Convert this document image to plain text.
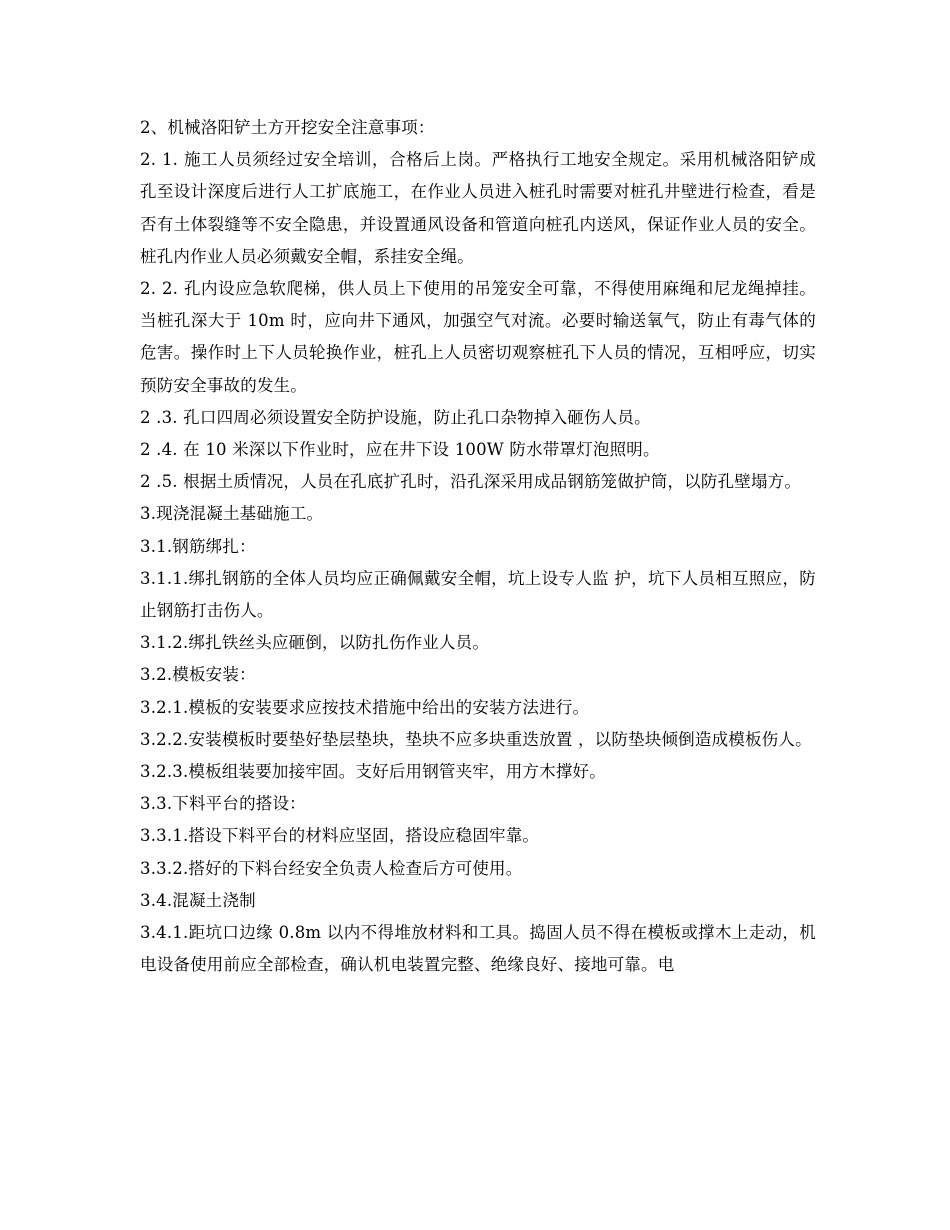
2、机械洛阳铲土方开挖安全注意事项：

2. 1. 施工人员须经过安全培训，合格后上岗。严格执行工地安全规定。采用机械洛阳铲成孔至设计深度后进行人工扩底施工，在作业人员进入桩孔时需要对桩孔井壁进行检查，看是否有土体裂缝等不安全隐患，并设置通风设备和管道向桩孔内送风，保证作业人员的安全。桩孔内作业人员必须戴安全帽，系挂安全绳。

2. 2. 孔内设应急软爬梯，供人员上下使用的吊笼安全可靠，不得使用麻绳和尼龙绳掉挂。当桩孔深大于 10m 时，应向井下通风，加强空气对流。必要时输送氧气，防止有毒气体的危害。操作时上下人员轮换作业，桩孔上人员密切观察桩孔下人员的情况，互相呼应，切实预防安全事故的发生。

2 .3. 孔口四周必须设置安全防护设施，防止孔口杂物掉入砸伤人员。

2 .4. 在 10 米深以下作业时，应在井下设 100W 防水带罩灯泡照明。

2 .5. 根据土质情况，人员在孔底扩孔时，沿孔深采用成品钢筋笼做护筒，以防孔壁塌方。

3.现浇混凝土基础施工。

3.1.钢筋绑扎：

3.1.1.绑扎钢筋的全体人员均应正确佩戴安全帽，坑上设专人监 护，坑下人员相互照应，防止钢筋打击伤人。

3.1.2.绑扎铁丝头应砸倒，以防扎伤作业人员。

3.2.模板安装：

3.2.1.模板的安装要求应按技术措施中给出的安装方法进行。

3.2.2.安装模板时要垫好垫层垫块，垫块不应多块重迭放置 ，以防垫块倾倒造成模板伤人。

3.2.3.模板组装要加接牢固。支好后用钢管夹牢，用方木撑好。

3.3.下料平台的搭设：

3.3.1.搭设下料平台的材料应坚固，搭设应稳固牢靠。

3.3.2.搭好的下料台经安全负责人检查后方可使用。

3.4.混凝土浇制

3.4.1.距坑口边缘 0.8m 以内不得堆放材料和工具。捣固人员不得在模板或撑木上走动，机电设备使用前应全部检查，确认机电装置完整、绝缘良好、接地可靠。电
